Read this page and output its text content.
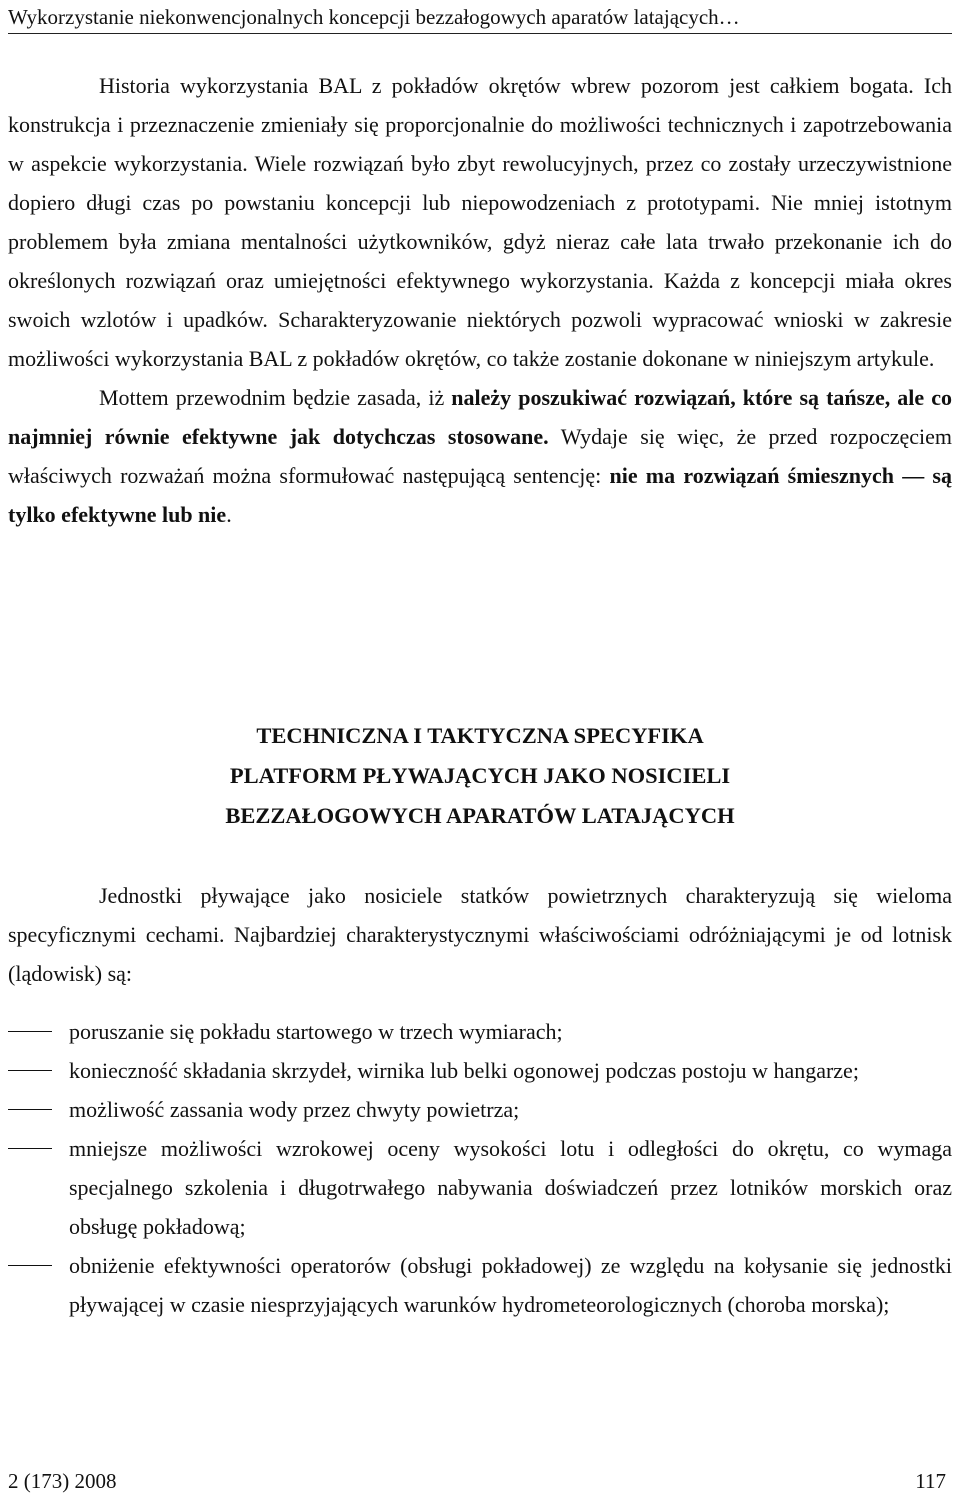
Wykorzystanie niekonwencjonalnych koncepcji bezzałogowych aparatów latających…

Historia wykorzystania BAL z pokładów okrętów wbrew pozorom jest całkiem bogata. Ich konstrukcja i przeznaczenie zmieniały się proporcjonalnie do możliwości technicznych i zapotrzebowania w aspekcie wykorzystania. Wiele rozwiązań było zbyt rewolucyjnych, przez co zostały urzeczywistnione dopiero długi czas po powstaniu koncepcji lub niepowodzeniach z prototypami. Nie mniej istotnym problemem była zmiana mentalności użytkowników, gdyż nieraz całe lata trwało przekonanie ich do określonych rozwiązań oraz umiejętności efektywnego wykorzystania. Każda z koncepcji miała okres swoich wzlotów i upadków. Scharakteryzowanie niektórych pozwoli wypracować wnioski w zakresie możliwości wykorzystania BAL z pokładów okrętów, co także zostanie dokonane w niniejszym artykule.

Mottem przewodnim będzie zasada, iż należy poszukiwać rozwiązań, które są tańsze, ale co najmniej równie efektywne jak dotychczas stosowane. Wydaje się więc, że przed rozpoczęciem właściwych rozważań można sformułować następującą sentencję: nie ma rozwiązań śmiesznych — są tylko efektywne lub nie.

TECHNICZNA I TAKTYCZNA SPECYFIKA
PLATFORM PŁYWAJĄCYCH JAKO NOSICIELI
BEZZAŁOGOWYCH APARATÓW LATAJĄCYCH

Jednostki pływające jako nosiciele statków powietrznych charakteryzują się wieloma specyficznymi cechami. Najbardziej charakterystycznymi właściwościami odróżniającymi je od lotnisk (lądowisk) są:

poruszanie się pokładu startowego w trzech wymiarach;
konieczność składania skrzydeł, wirnika lub belki ogonowej podczas postoju w hangarze;
możliwość zassania wody przez chwyty powietrza;
mniejsze możliwości wzrokowej oceny wysokości lotu i odległości do okrętu, co wymaga specjalnego szkolenia i długotrwałego nabywania doświadczeń przez lotników morskich oraz obsługę pokładową;
obniżenie efektywności operatorów (obsługi pokładowej) ze względu na kołysanie się jednostki pływającej w czasie niesprzyjających warunków hydrometeorologicznych (choroba morska);
2 (173) 2008	117
